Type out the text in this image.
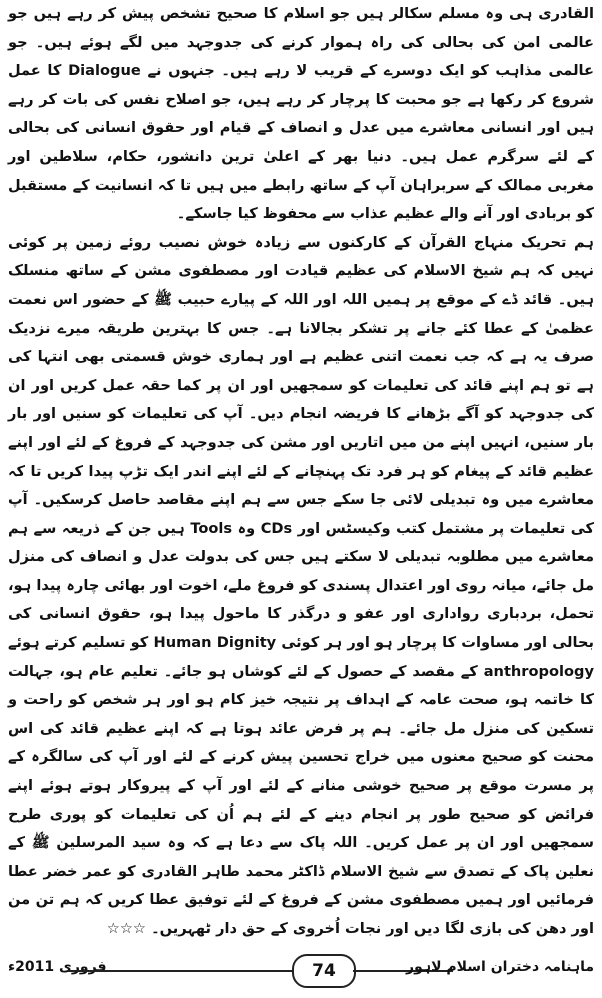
القادری ہی وہ مسلم سکالر ہیں جو اسلام کا صحیح تشخص پیش کر رہے ہیں جو عالمی امن کی بحالی کی راہ ہموار کرنے کی جدوجہد میں لگے ہوئے ہیں۔ جو عالمی مذاہب کو ایک دوسرے کے قریب لا رہے ہیں۔ جنہوں نے Dialogue کا عمل شروع کر رکھا ہے جو محبت کا پرچار کر رہے ہیں، جو اصلاح نفس کی بات کر رہے ہیں اور انسانی معاشرے میں عدل و انصاف کے قیام اور حقوق انسانی کی بحالی کے لئے سرگرم عمل ہیں۔ دنیا بھر کے اعلیٰ ترین دانشور، حکام، سلاطین اور مغربی ممالک کے سربراہان آپ کے ساتھ رابطے میں ہیں تا کہ انسانیت کے مستقبل کو بربادی اور آنے والے عظیم عذاب سے محفوظ کیا جاسکے۔

ہم تحریک منہاج القرآن کے کارکنوں سے زیادہ خوش نصیب روئے زمین پر کوئی نہیں کہ ہم شیخ الاسلام کی عظیم قیادت اور مصطفوی مشن کے ساتھ منسلک ہیں۔ قائد ڈے کے موقع پر ہمیں اللہ اور اللہ کے پیارے حبیب ﷺ کے حضور اس نعمت عظمیٰ کے عطا کئے جانے پر تشکر بجالانا ہے۔ جس کا بہترین طریقہ میرے نزدیک صرف یہ ہے کہ جب نعمت اتنی عظیم ہے اور ہماری خوش قسمتی بھی انتہا کی ہے تو ہم اپنے قائد کی تعلیمات کو سمجھیں اور ان پر کما حقہ عمل کریں اور ان کی جدوجہد کو آگے بڑھانے کا فریضہ انجام دیں۔ آپ کی تعلیمات کو سنیں اور بار بار سنیں، انہیں اپنے من میں اتاریں اور مشن کی جدوجہد کے فروغ کے لئے اور اپنے عظیم قائد کے پیغام کو ہر فرد تک پہنچانے کے لئے اپنے اندر ایک تڑپ پیدا کریں تا کہ معاشرے میں وہ تبدیلی لائی جا سکے جس سے ہم اپنے مقاصد حاصل کرسکیں۔ آپ کی تعلیمات پر مشتمل کتب وکیسٹس اور CDs وہ Tools ہیں جن کے ذریعہ سے ہم معاشرے میں مطلوبہ تبدیلی لا سکتے ہیں جس کی بدولت عدل و انصاف کی منزل مل جائے، میانہ روی اور اعتدال پسندی کو فروغ ملے، اخوت اور بھائی چارہ پیدا ہو، تحمل، بردباری رواداری اور عفو و درگذر کا ماحول پیدا ہو، حقوق انسانی کی بحالی اور مساوات کا پرچار ہو اور ہر کوئی Human Dignity کو تسلیم کرتے ہوئے anthropology کے مقصد کے حصول کے لئے کوشاں ہو جائے۔ تعلیم عام ہو، جہالت کا خاتمہ ہو، صحت عامہ کے اہداف پر نتیجہ خیز کام ہو اور ہر شخص کو راحت و تسکین کی منزل مل جائے۔ ہم پر فرض عائد ہوتا ہے کہ اپنے عظیم قائد کی اس محنت کو صحیح معنوں میں خراج تحسین پیش کرنے کے لئے اور آپ کی سالگرہ کے پر مسرت موقع پر صحیح خوشی منانے کے لئے اور آپ کے پیروکار ہوتے ہوئے اپنے فرائض کو صحیح طور پر انجام دینے کے لئے ہم اُن کی تعلیمات کو پوری طرح سمجھیں اور ان پر عمل کریں۔ اللہ پاک سے دعا ہے کہ وہ سید المرسلین ﷺ کے نعلین پاک کے تصدق سے شیخ الاسلام ڈاکٹر محمد طاہر القادری کو عمر خضر عطا فرمائیں اور ہمیں مصطفوی مشن کے فروغ کے لئے توفیق عطا کریں کہ ہم تن من اور دھن کی بازی لگا دیں اور نجات اُخروی کے حق دار ٹھہریں۔ ☆☆☆

فروری 2011ء	74	ماہنامہ دختران اسلام لاہور
